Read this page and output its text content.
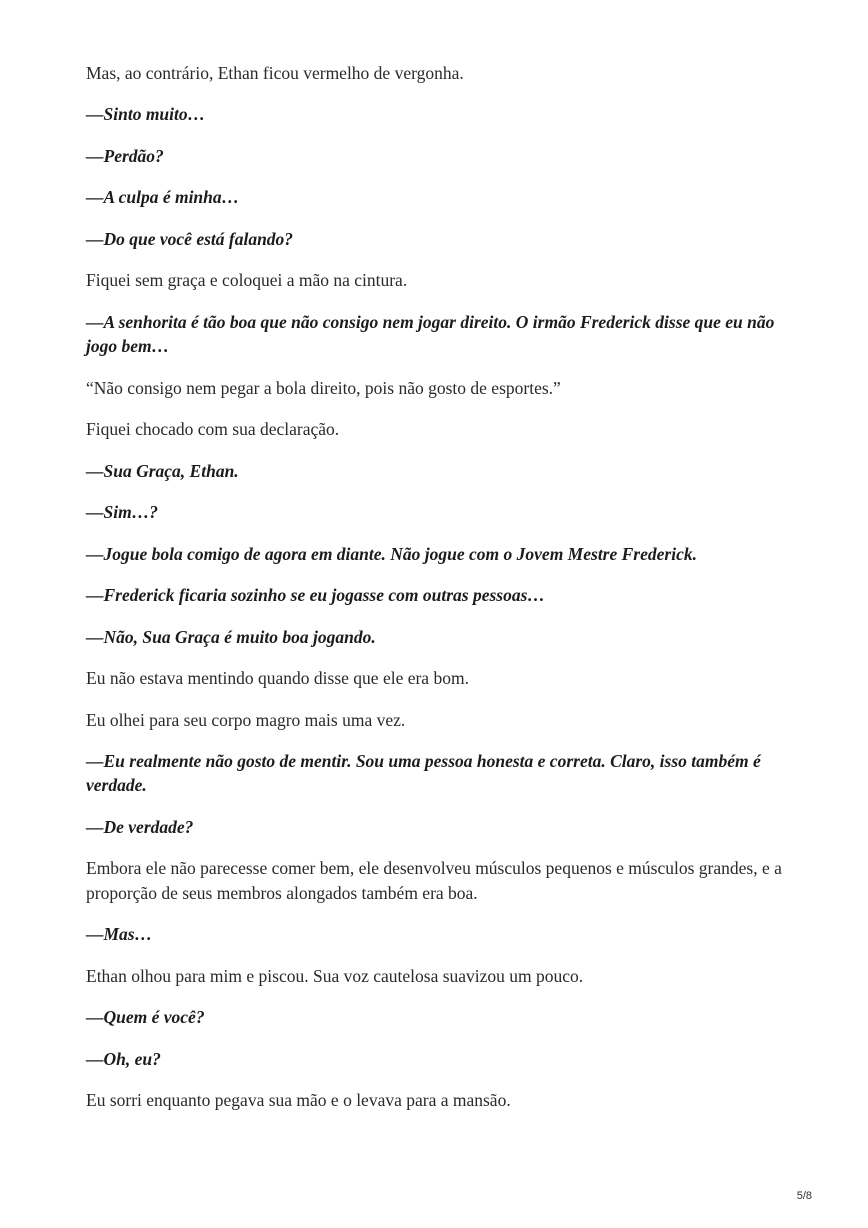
Mas, ao contrário, Ethan ficou vermelho de vergonha.

—Sinto muito…

—Perdão?

—A culpa é minha…

—Do que você está falando?

Fiquei sem graça e coloquei a mão na cintura.

—A senhorita é tão boa que não consigo nem jogar direito. O irmão Frederick disse que eu não jogo bem…

“Não consigo nem pegar a bola direito, pois não gosto de esportes.”

Fiquei chocado com sua declaração.

—Sua Graça, Ethan.

—Sim…?

—Jogue bola comigo de agora em diante. Não jogue com o Jovem Mestre Frederick.

—Frederick ficaria sozinho se eu jogasse com outras pessoas…

—Não, Sua Graça é muito boa jogando.

Eu não estava mentindo quando disse que ele era bom.

Eu olhei para seu corpo magro mais uma vez.

—Eu realmente não gosto de mentir. Sou uma pessoa honesta e correta. Claro, isso também é verdade.

—De verdade?

Embora ele não parecesse comer bem, ele desenvolveu músculos pequenos e músculos grandes, e a proporção de seus membros alongados também era boa.

—Mas…

Ethan olhou para mim e piscou. Sua voz cautelosa suavizou um pouco.

—Quem é você?

—Oh, eu?

Eu sorri enquanto pegava sua mão e o levava para a mansão.

5/8
